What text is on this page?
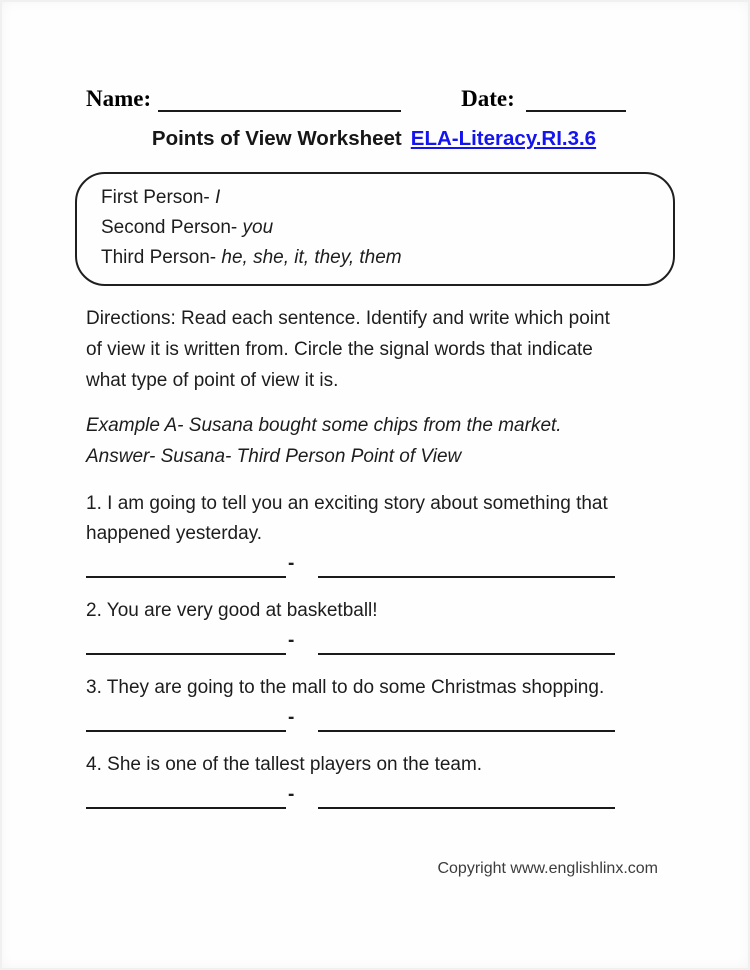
Name:	Date:
Points of View Worksheet ELA-Literacy.RI.3.6
First Person- I
Second Person- you
Third Person- he, she, it, they, them
Directions: Read each sentence. Identify and write which point
of view it is written from. Circle the signal words that indicate
what type of point of view it is.
Example A- Susana bought some chips from the market.
Answer- Susana- Third Person Point of View

1. I am going to tell you an exciting story about something that

happened yesterday.

-

2. You are very good at basketball!

-

3. They are going to the mall to do some Christmas shopping.

-

4. She is one of the tallest players on the team.

-
Copyright www.englishlinx.com
